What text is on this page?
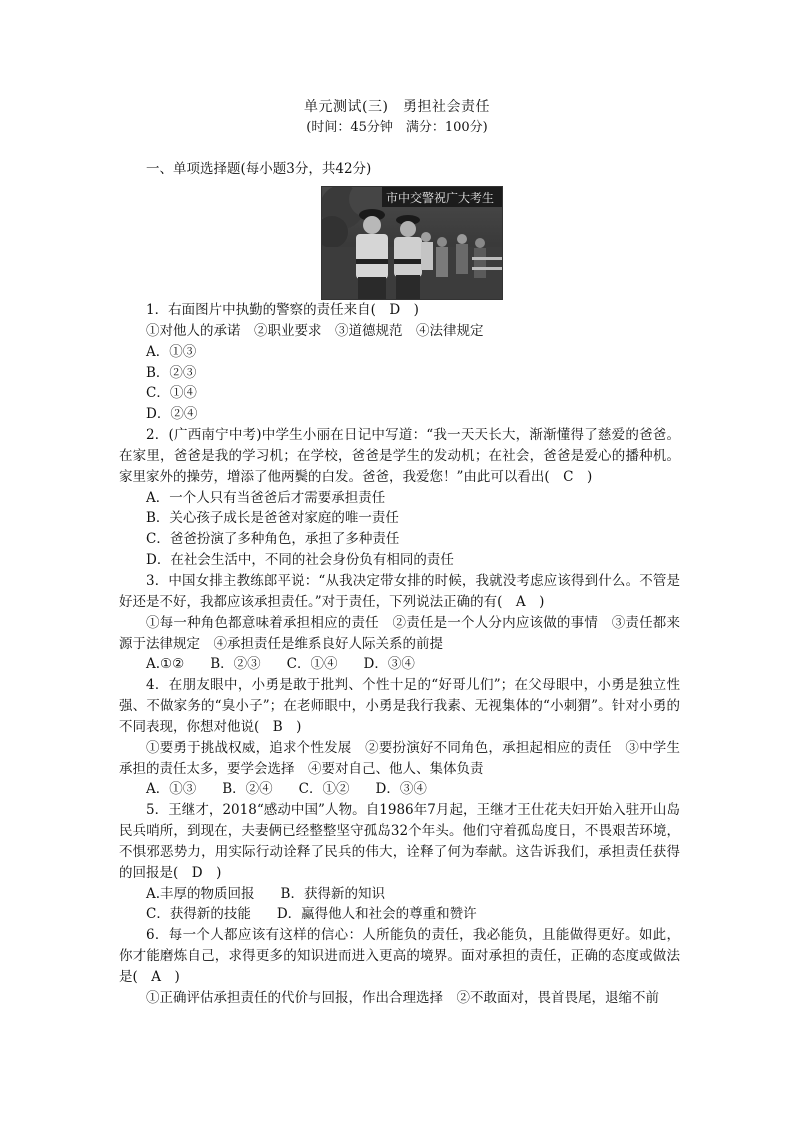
单元测试(三)　勇担社会责任
(时间：45分钟　满分：100分)
一、单项选择题(每小题3分，共42分)
市中交警祝广大考生

1．右面图片中执勤的警察的责任来自(　D　)

①对他人的承诺　②职业要求　③道德规范　④法律规定

A．①③

B．②③

C．①④

D．②④

2．(广西南宁中考)中学生小丽在日记中写道：“我一天天长大，渐渐懂得了慈爱的爸爸。在家里，爸爸是我的学习机；在学校，爸爸是学生的发动机；在社会，爸爸是爱心的播种机。家里家外的操劳，增添了他两鬓的白发。爸爸，我爱您！”由此可以看出(　C　)

A．一个人只有当爸爸后才需要承担责任

B．关心孩子成长是爸爸对家庭的唯一责任

C．爸爸扮演了多种角色，承担了多种责任

D．在社会生活中，不同的社会身份负有相同的责任

3．中国女排主教练郎平说：“从我决定带女排的时候，我就没考虑应该得到什么。不管是好还是不好，我都应该承担责任。”对于责任，下列说法正确的有(　A　)

①每一种角色都意味着承担相应的责任　②责任是一个人分内应该做的事情　③责任都来源于法律规定　④承担责任是维系良好人际关系的前提

A.①② B．②③ C．①④ D．③④

4．在朋友眼中，小勇是敢于批判、个性十足的“好哥儿们”；在父母眼中，小勇是独立性强、不做家务的“臭小子”；在老师眼中，小勇是我行我素、无视集体的“小刺猬”。针对小勇的不同表现，你想对他说(　B　)

①要勇于挑战权威，追求个性发展　②要扮演好不同角色，承担起相应的责任　③中学生承担的责任太多，要学会选择　④要对自己、他人、集体负责

A．①③ B．②④ C．①② D．③④

5．王继才，2018“感动中国”人物。自1986年7月起，王继才王仕花夫妇开始入驻开山岛民兵哨所，到现在，夫妻俩已经整整坚守孤岛32个年头。他们守着孤岛度日，不畏艰苦环境，不惧邪恶势力，用实际行动诠释了民兵的伟大，诠释了何为奉献。这告诉我们，承担责任获得的回报是(　D　)

A.丰厚的物质回报 B．获得新的知识

C．获得新的技能 D．赢得他人和社会的尊重和赞许

6．每一个人都应该有这样的信心：人所能负的责任，我必能负，且能做得更好。如此，你才能磨炼自己，求得更多的知识进而进入更高的境界。面对承担的责任，正确的态度或做法是(　A　)

①正确评估承担责任的代价与回报，作出合理选择　②不敢面对，畏首畏尾，退缩不前
